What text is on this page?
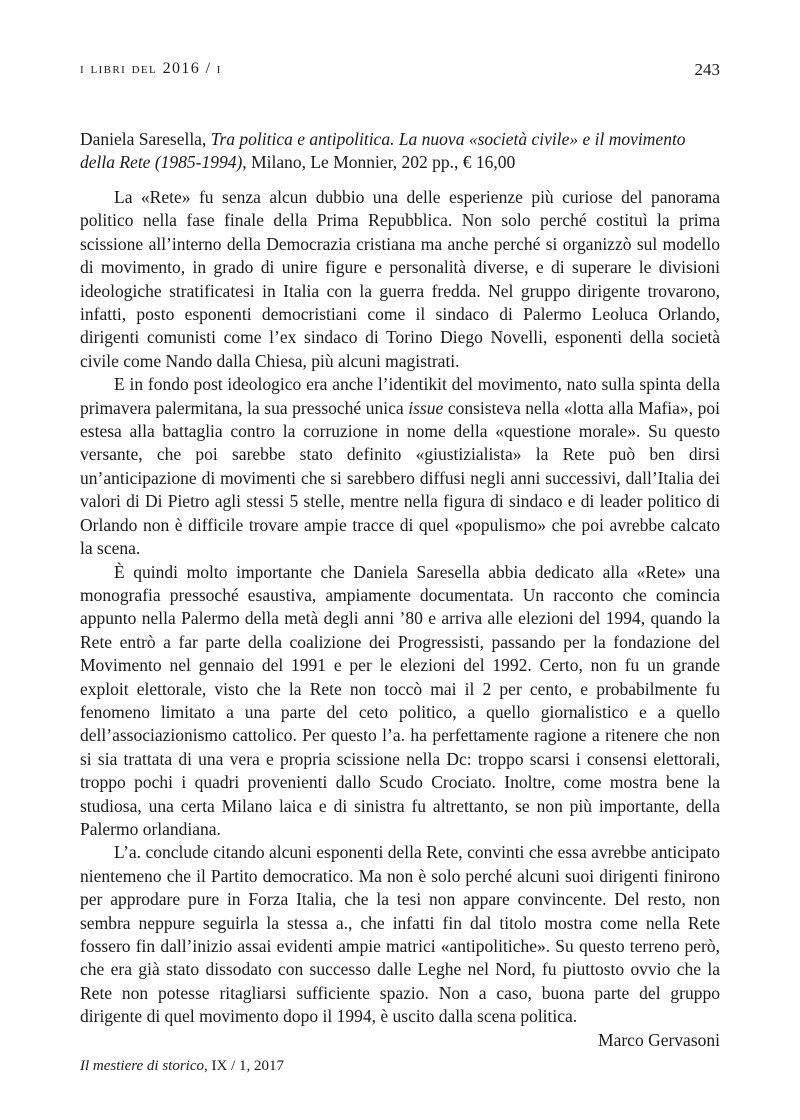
i libri del 2016 / i	243
Daniela Saresella, Tra politica e antipolitica. La nuova «società civile» e il movimento della Rete (1985-1994), Milano, Le Monnier, 202 pp., € 16,00

La «Rete» fu senza alcun dubbio una delle esperienze più curiose del panorama politico nella fase finale della Prima Repubblica. Non solo perché costituì la prima scissione all’interno della Democrazia cristiana ma anche perché si organizzò sul modello di movimento, in grado di unire figure e personalità diverse, e di superare le divisioni ideologiche stratificatesi in Italia con la guerra fredda. Nel gruppo dirigente trovarono, infatti, posto esponenti democristiani come il sindaco di Palermo Leoluca Orlando, dirigenti comunisti come l’ex sindaco di Torino Diego Novelli, esponenti della società civile come Nando dalla Chiesa, più alcuni magistrati.

E in fondo post ideologico era anche l’identikit del movimento, nato sulla spinta della primavera palermitana, la sua pressoché unica issue consisteva nella «lotta alla Mafia», poi estesa alla battaglia contro la corruzione in nome della «questione morale». Su questo versante, che poi sarebbe stato definito «giustizialista» la Rete può ben dirsi un’anticipazione di movimenti che si sarebbero diffusi negli anni successivi, dall’Italia dei valori di Di Pietro agli stessi 5 stelle, mentre nella figura di sindaco e di leader politico di Orlando non è difficile trovare ampie tracce di quel «populismo» che poi avrebbe calcato la scena.

È quindi molto importante che Daniela Saresella abbia dedicato alla «Rete» una monografia pressoché esaustiva, ampiamente documentata. Un racconto che comincia appunto nella Palermo della metà degli anni ’80 e arriva alle elezioni del 1994, quando la Rete entrò a far parte della coalizione dei Progressisti, passando per la fondazione del Movimento nel gennaio del 1991 e per le elezioni del 1992. Certo, non fu un grande exploit elettorale, visto che la Rete non toccò mai il 2 per cento, e probabilmente fu fenomeno limitato a una parte del ceto politico, a quello giornalistico e a quello dell’associazionismo cattolico. Per questo l’a. ha perfettamente ragione a ritenere che non si sia trattata di una vera e propria scissione nella Dc: troppo scarsi i consensi elettorali, troppo pochi i quadri provenienti dallo Scudo Crociato. Inoltre, come mostra bene la studiosa, una certa Milano laica e di sinistra fu altrettanto, se non più importante, della Palermo orlandiana.

L’a. conclude citando alcuni esponenti della Rete, convinti che essa avrebbe anticipato nientemeno che il Partito democratico. Ma non è solo perché alcuni suoi dirigenti finirono per approdare pure in Forza Italia, che la tesi non appare convincente. Del resto, non sembra neppure seguirla la stessa a., che infatti fin dal titolo mostra come nella Rete fossero fin dall’inizio assai evidenti ampie matrici «antipolitiche». Su questo terreno però, che era già stato dissodato con successo dalle Leghe nel Nord, fu piuttosto ovvio che la Rete non potesse ritagliarsi sufficiente spazio. Non a caso, buona parte del gruppo dirigente di quel movimento dopo il 1994, è uscito dalla scena politica.

Marco Gervasoni
Il mestiere di storico, IX / 1, 2017
